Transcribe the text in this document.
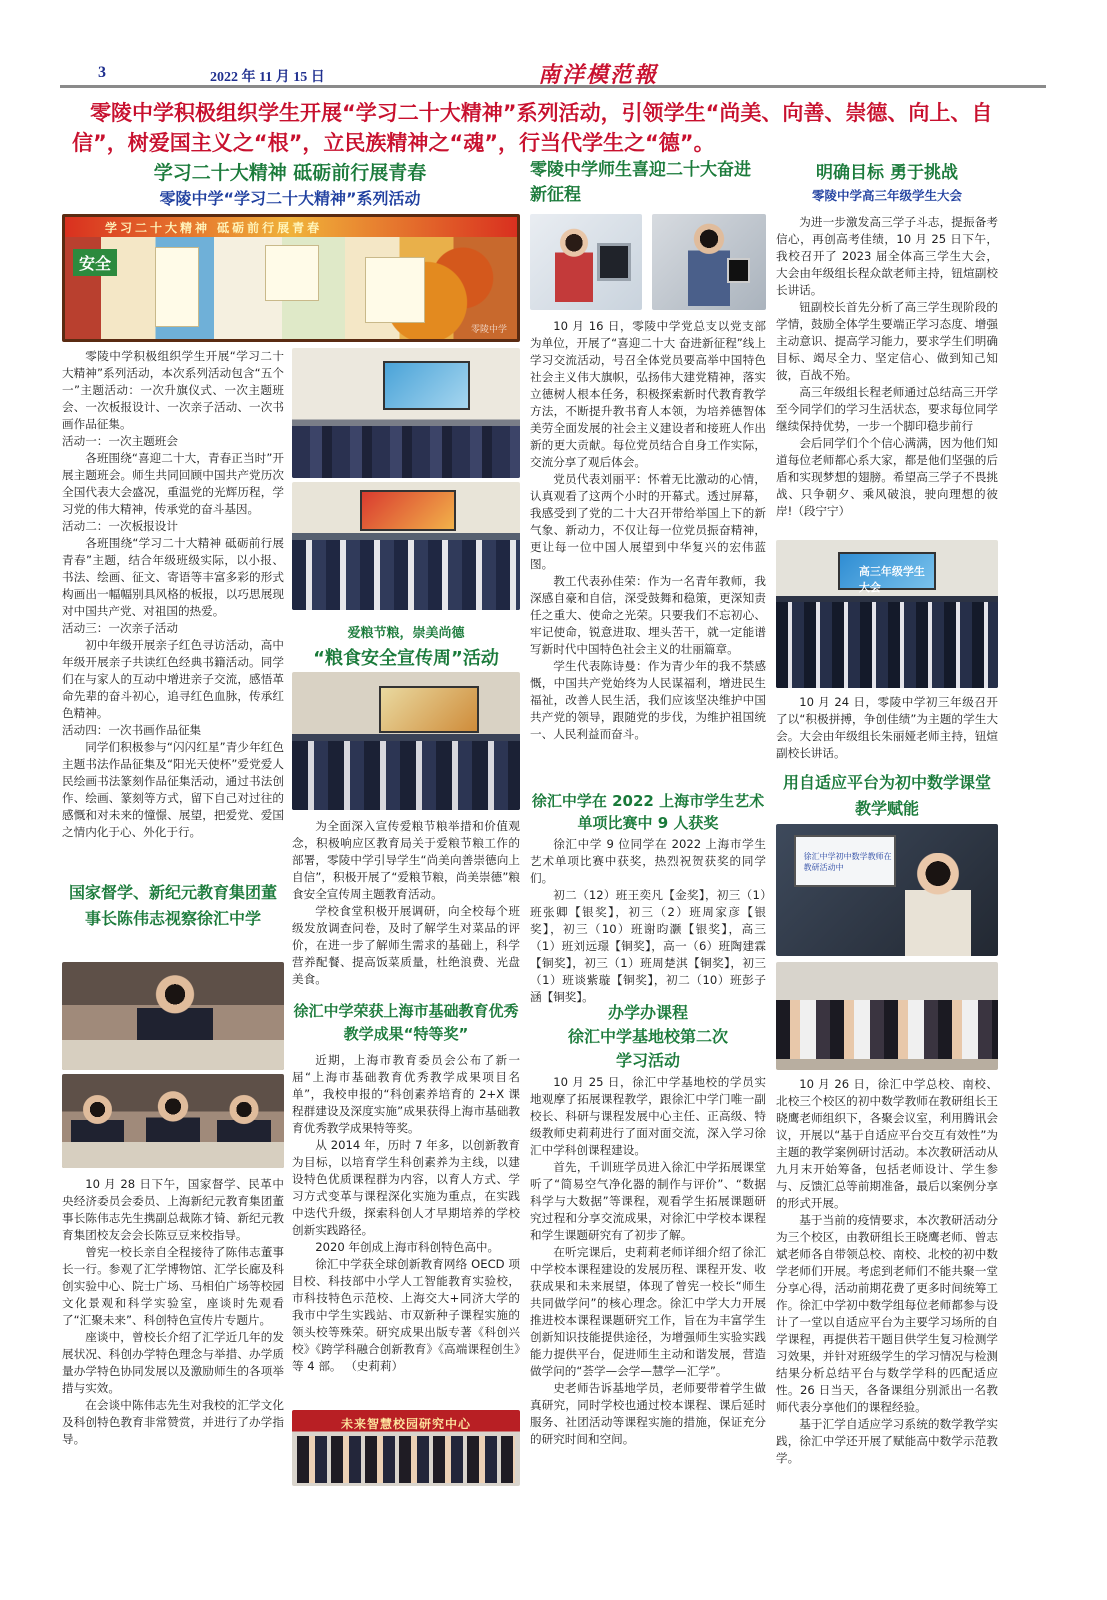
3	2022 年 11 月 15 日	南洋模范報
零陵中学积极组织学生开展“学习二十大精神”系列活动，引领学生“尚美、向善、崇德、向上、自信”，树爱国主义之“根”，立民族精神之“魂”，行当代学生之“德”。
学习二十大精神 砥砺前行展青春
零陵中学“学习二十大精神”系列活动
学习二十大精神 砥砺前行展青春
安全
零陵中学

零陵中学积极组织学生开展“学习二十大精神”系列活动，本次系列活动包含“五个一”主题活动：一次升旗仪式、一次主题班会、一次板报设计、一次亲子活动、一次书画作品征集。

活动一：一次主题班会

各班围绕“喜迎二十大，青春正当时”开展主题班会。师生共同回顾中国共产党历次全国代表大会盛况，重温党的光辉历程，学习党的伟大精神，传承党的奋斗基因。

活动二：一次板报设计

各班围绕“学习二十大精神 砥砺前行展青春”主题，结合年级班级实际，以小报、书法、绘画、征文、寄语等丰富多彩的形式构画出一幅幅别具风格的板报，以巧思展现对中国共产党、对祖国的热爱。

活动三：一次亲子活动

初中年级开展亲子红色寻访活动，高中年级开展亲子共读红色经典书籍活动。同学们在与家人的互动中增进亲子交流，感悟革命先辈的奋斗初心，追寻红色血脉，传承红色精神。

活动四：一次书画作品征集

同学们积极参与“闪闪红星”青少年红色主题书法作品征集及“阳光天使杯”爱党爱人民绘画书法篆刻作品征集活动，通过书法创作、绘画、篆刻等方式，留下自己对过往的感慨和对未来的憧憬、展望，把爱党、爱国之情内化于心、外化于行。

国家督学、新纪元教育集团董事长陈伟志视察徐汇中学

10 月 28 日下午，国家督学、民革中央经济委员会委员、上海新纪元教育集团董事长陈伟志先生携副总裁陈才锜、新纪元教育集团校友会会长陈豆豆来校指导。

曾宪一校长亲自全程接待了陈伟志董事长一行。参观了汇学博物馆、汇学长廊及科创实验中心、院士广场、马相伯广场等校园文化景观和科学实验室，座谈时先观看了“汇聚未来”、科创特色宣传片专题片。

座谈中，曾校长介绍了汇学近几年的发展状况、科创办学特色理念与举措、办学质量办学特色协同发展以及激励师生的各项举措与实效。

在会谈中陈伟志先生对我校的汇学文化及科创特色教育非常赞赏，并进行了办学指导。

爱粮节粮，崇美尚德
“粮食安全宣传周”活动

为全面深入宣传爱粮节粮举措和价值观念，积极响应区教育局关于爱粮节粮工作的部署，零陵中学引导学生“尚美向善崇德向上自信”，积极开展了“爱粮节粮，尚美崇德”粮食安全宣传周主题教育活动。

学校食堂积极开展调研，向全校每个班级发放调查问卷，及时了解学生对菜品的评价，在进一步了解师生需求的基础上，科学营养配餐、提高饭菜质量，杜绝浪费、光盘美食。

徐汇中学荣获上海市基础教育优秀教学成果“特等奖”

近期，上海市教育委员会公布了新一届“上海市基础教育优秀教学成果项目名单”，我校申报的“科创素养培育的 2+X 课程群建设及深度实施”成果获得上海市基础教育优秀教学成果特等奖。

从 2014 年，历时 7 年多，以创新教育为目标，以培育学生科创素养为主线，以建设特色优质课程群为内容，以育人方式、学习方式变革与课程深化实施为重点，在实践中迭代升级，探索科创人才早期培养的学校创新实践路径。

2020 年创成上海市科创特色高中。

徐汇中学获全球创新教育网络 OECD 项目校、科技部中小学人工智能教育实验校，市科技特色示范校、上海交大+同济大学的我市中学生实践站、市双新种子课程实施的领头校等殊荣。研究成果出版专著《科创兴校》《跨学科融合创新教育》《高端课程创生》等 4 部。 （史莉莉）

未来智慧校园研究中心
零陵中学师生喜迎二十大奋进新征程

10 月 16 日，零陵中学党总支以党支部为单位，开展了“喜迎二十大 奋进新征程”线上学习交流活动，号召全体党员要高举中国特色社会主义伟大旗帜，弘扬伟大建党精神，落实立德树人根本任务，积极探索新时代教育教学方法，不断提升教书育人本领，为培养德智体美劳全面发展的社会主义建设者和接班人作出新的更大贡献。每位党员结合自身工作实际，交流分享了观后体会。

党员代表刘丽平：怀着无比激动的心情，认真观看了这两个小时的开幕式。透过屏幕，我感受到了党的二十大召开带给举国上下的新气象、新动力，不仅让每一位党员振奋精神，更让每一位中国人展望到中华复兴的宏伟蓝图。

教工代表孙佳荣：作为一名青年教师，我深感自豪和自信，深受鼓舞和稳策，更深知责任之重大、使命之光荣。只要我们不忘初心、牢记使命，锐意进取、埋头苦干，就一定能谱写新时代中国特色社会主义的壮丽篇章。

学生代表陈诗曼：作为青少年的我不禁感慨，中国共产党始终为人民谋福利，增进民生福祉，改善人民生活，我们应该坚决维护中国共产党的领导，跟随党的步伐，为维护祖国统一、人民利益而奋斗。

徐汇中学在 2022 上海市学生艺术单项比赛中 9 人获奖

徐汇中学 9 位同学在 2022 上海市学生艺术单项比赛中获奖，热烈祝贺获奖的同学们。

初二（12）班王奕凡【金奖】，初三（1）班张卿【银奖】，初三（2）班周家彦【银奖】，初三（10）班谢昀灏【银奖】，高三（1）班刘远璟【铜奖】，高一（6）班陶建霖【铜奖】，初三（1）班周楚淇【铜奖】，初三（1）班谈紫璇【铜奖】，初二（10）班彭子涵【铜奖】。

办学办课程
徐汇中学基地校第二次
学习活动

10 月 25 日，徐汇中学基地校的学员实地观摩了拓展课程教学，跟徐汇中学门唯一副校长、科研与课程发展中心主任、正高级、特级教师史莉莉进行了面对面交流，深入学习徐汇中学科创课程建设。

首先，千训班学员进入徐汇中学拓展课堂听了“简易空气净化器的制作与评价”、“数据科学与大数据”等课程，观看学生拓展课题研究过程和分享交流成果，对徐汇中学校本课程和学生课题研究有了初步了解。

在听完课后，史莉莉老师详细介绍了徐汇中学校本课程建设的发展历程、课程开发、收获成果和未来展望，体现了曾宪一校长“师生共同做学问”的核心理念。徐汇中学大力开展推进校本课程课题研究工作，旨在为丰富学生创新知识技能提供途径，为增强师生实验实践能力提供平台，促进师生主动和谐发展，营造做学问的“荟学—会学—慧学—汇学”。

史老师告诉基地学员，老师要带着学生做真研究，同时学校也通过校本课程、课后延时服务、社团活动等课程实施的措施，保证充分的研究时间和空间。

明确目标 勇于挑战
零陵中学高三年级学生大会

为进一步激发高三学子斗志，提振备考信心，再创高考佳绩，10 月 25 日下午，我校召开了 2023 届全体高三学生大会，大会由年级组长程众歆老师主持，钮煊副校长讲话。

钮副校长首先分析了高三学生现阶段的学情，鼓励全体学生要端正学习态度、增强主动意识、提高学习能力，要求学生们明确目标、竭尽全力、坚定信心、做到知己知彼，百战不殆。

高三年级组长程老师通过总结高三开学至今同学们的学习生活状态，要求每位同学继续保持优势，一步一个脚印稳步前行

会后同学们个个信心满满，因为他们知道每位老师都心系大家，都是他们坚强的后盾和实现梦想的翅膀。希望高三学子不畏挑战、只争朝夕、乘风破浪，驶向理想的彼岸!（段宁宁）

高三年级学生大会

10 月 24 日，零陵中学初三年级召开了以“积极拼搏，争创佳绩”为主题的学生大会。大会由年级组长朱丽娅老师主持，钮煊副校长讲话。

用自适应平台为初中数学课堂教学赋能
徐汇中学初中数学教师在教研活动中

10 月 26 日，徐汇中学总校、南校、北校三个校区的初中数学教师在教研组长王晓鹰老师组织下，各聚会议室，利用腾讯会议，开展以“基于自适应平台交互有效性”为主题的教学案例研讨活动。本次教研活动从九月末开始筹备，包括老师设计、学生参与、反馈汇总等前期准备，最后以案例分享的形式开展。

基于当前的疫情要求，本次教研活动分为三个校区，由教研组长王晓鹰老师、曾志斌老师各自带领总校、南校、北校的初中数学老师们开展。考虑到老师们不能共聚一堂分享心得，活动前期花费了更多时间统筹工作。徐汇中学初中数学组每位老师都参与设计了一堂以自适应平台为主要学习场所的自学课程，再提供若干题目供学生复习检测学习效果，并针对班级学生的学习情况与检测结果分析总结平台与数学学科的匹配适应性。26 日当天，各备课组分别派出一名教师代表分享他们的课程经验。

基于汇学自适应学习系统的数学教学实践，徐汇中学还开展了赋能高中数学示范教学。
